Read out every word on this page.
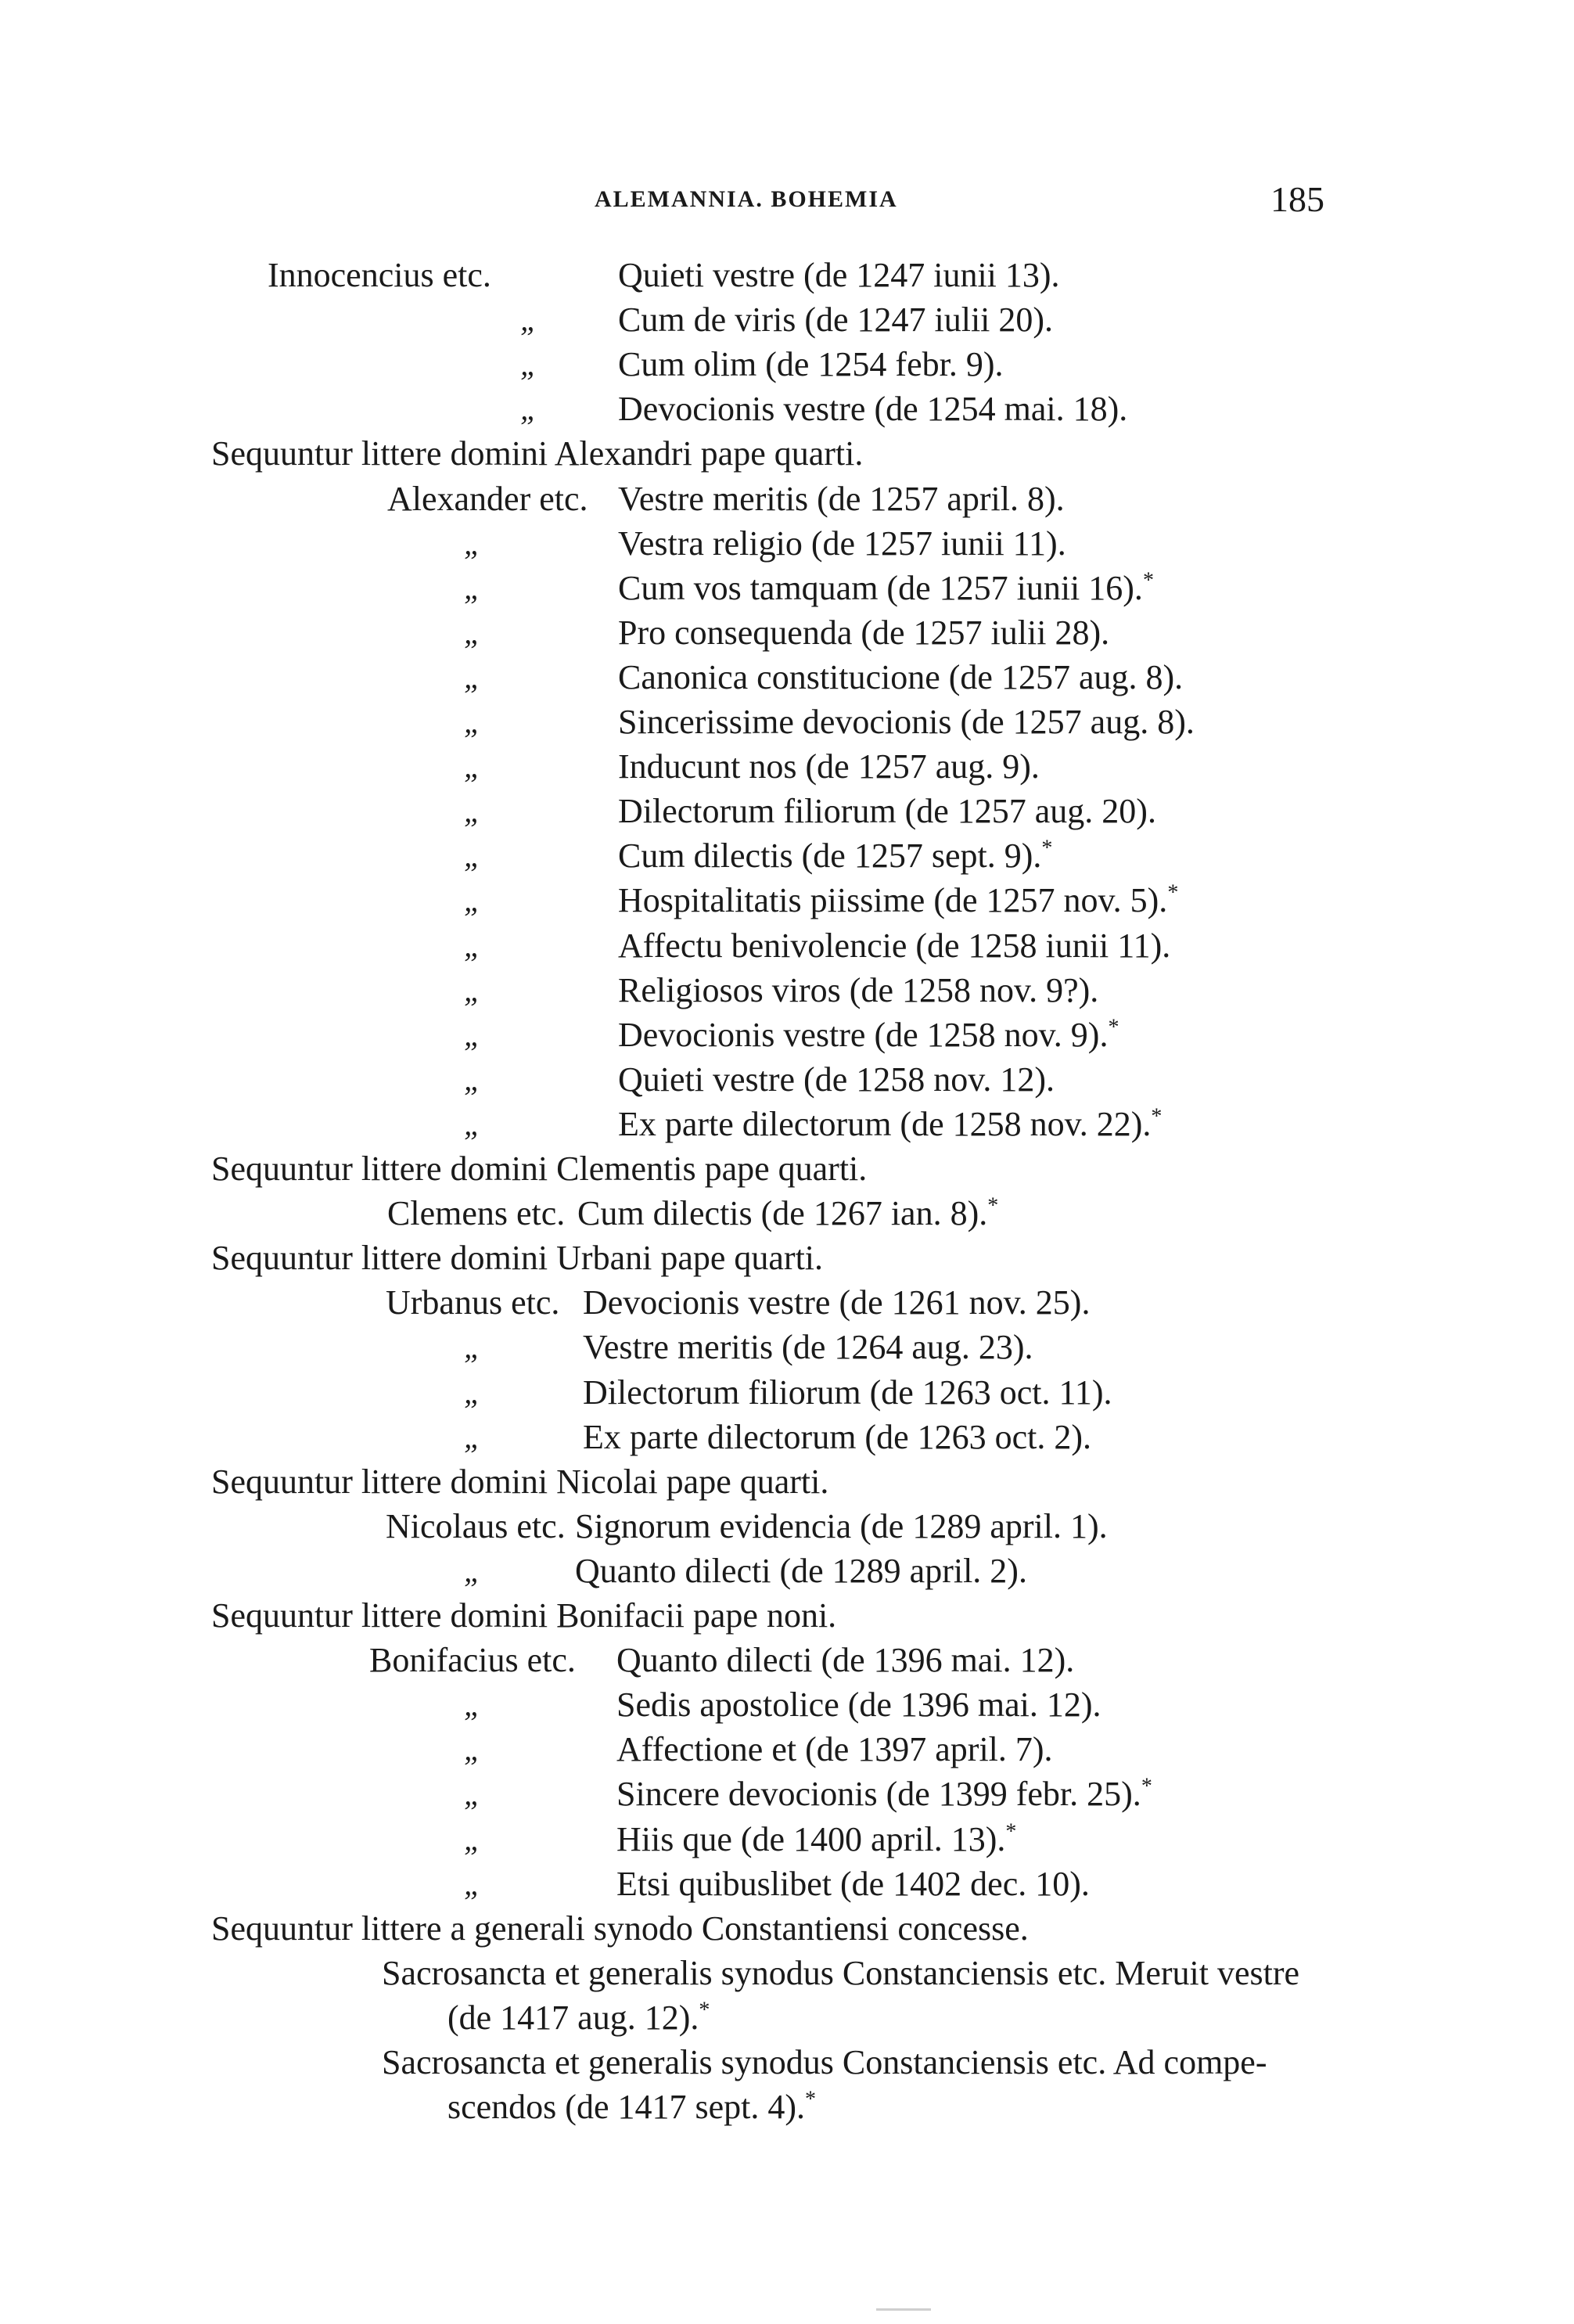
ALEMANNIA. BOHEMIA	185
Innocencius etc.	Quieti vestre (de 1247 iunii 13).
„ Cum de viris (de 1247 iulii 20).
„ Cum olim (de 1254 febr. 9).
„ Devocionis vestre (de 1254 mai. 18).
Sequuntur littere domini Alexandri pape quarti.
Alexander etc. Vestre meritis (de 1257 april. 8).
„	Vestra religio (de 1257 iunii 11).
„	Cum vos tamquam (de 1257 iunii 16).*
„	Pro consequenda (de 1257 iulii 28).
„	Canonica constitucione (de 1257 aug. 8).
„	Sincerissime devocionis (de 1257 aug. 8).
„	Inducunt nos (de 1257 aug. 9).
„	Dilectorum filiorum (de 1257 aug. 20).
„	Cum dilectis (de 1257 sept. 9).*
„	Hospitalitatis piissime (de 1257 nov. 5).*
„	Affectu benivolencie (de 1258 iunii 11).
„	Religiosos viros (de 1258 nov. 9?).
„	Devocionis vestre (de 1258 nov. 9).*
„	Quieti vestre (de 1258 nov. 12).
„	Ex parte dilectorum (de 1258 nov. 22).*
Sequuntur littere domini Clementis pape quarti.
Clemens etc. Cum dilectis (de 1267 ian. 8).*
Sequuntur littere domini Urbani pape quarti.
Urbanus etc. Devocionis vestre (de 1261 nov. 25).
„	Vestre meritis (de 1264 aug. 23).
„	Dilectorum filiorum (de 1263 oct. 11).
„	Ex parte dilectorum (de 1263 oct. 2).
Sequuntur littere domini Nicolai pape quarti.
Nicolaus etc. Signorum evidencia (de 1289 april. 1).
„	Quanto dilecti (de 1289 april. 2).
Sequuntur littere domini Bonifacii pape noni.
Bonifacius etc. Quanto dilecti (de 1396 mai. 12).
„	Sedis apostolice (de 1396 mai. 12).
„	Affectione et (de 1397 april. 7).
„	Sincere devocionis (de 1399 febr. 25).*
„	Hiis que (de 1400 april. 13).*
„	Etsi quibuslibet (de 1402 dec. 10).
Sequuntur littere a generali synodo Constantiensi concesse.
Sacrosancta et generalis synodus Constanciensis etc. Meruit vestre
(de 1417 aug. 12).*
Sacrosancta et generalis synodus Constanciensis etc. Ad compe-
scendos (de 1417 sept. 4).*
